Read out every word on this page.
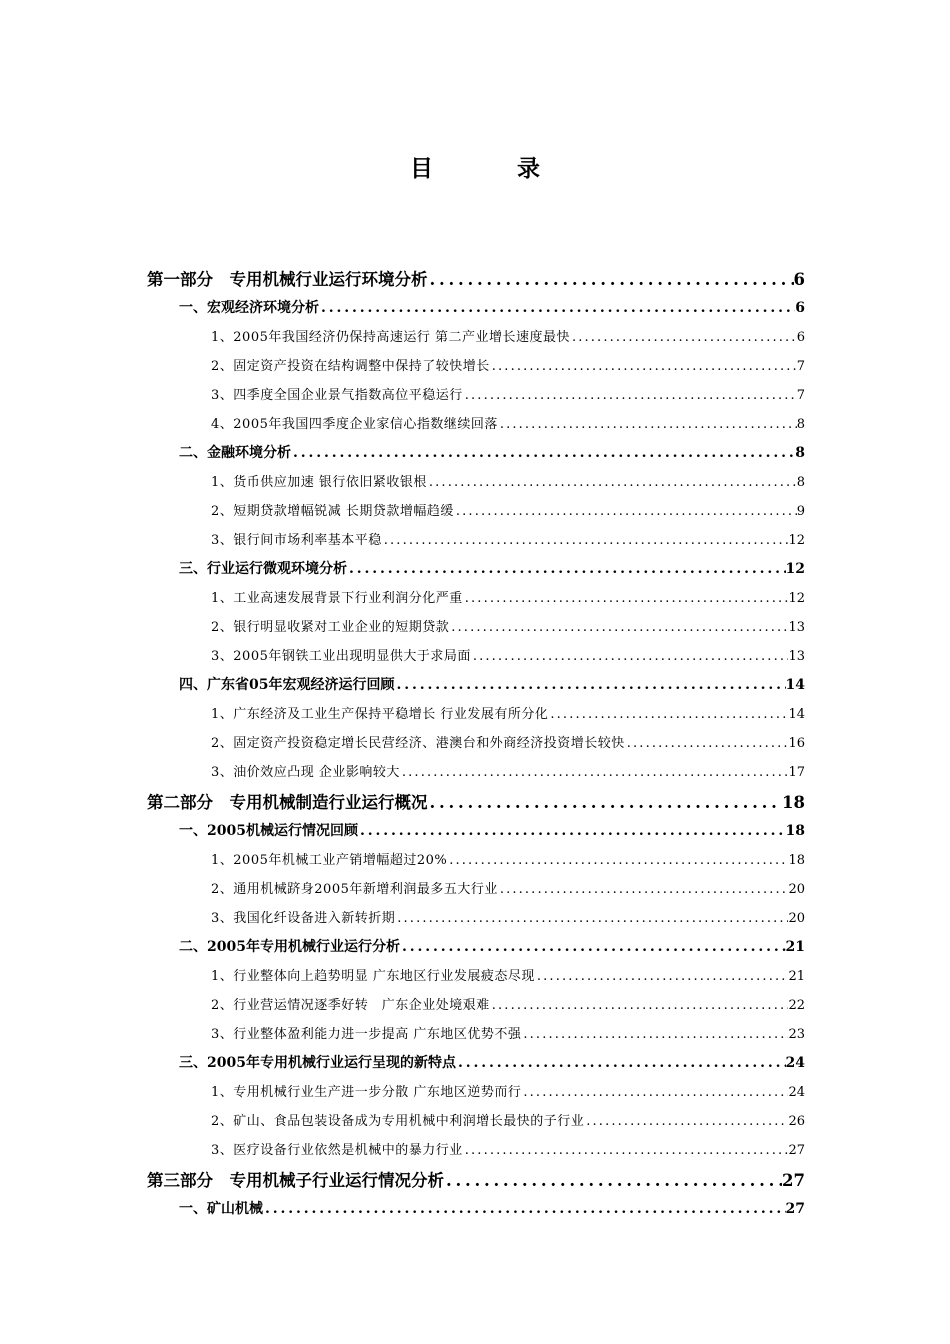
目 录
第一部分　专用机械行业运行环境分析 . . .	6
一、宏观经济环境分析 . . .	6
1、2005年我国经济仍保持高速运行 第二产业增长速度最快 . . .	6
2、固定资产投资在结构调整中保持了较快增长 . . .	7
3、四季度全国企业景气指数高位平稳运行 . . .	7
4、2005年我国四季度企业家信心指数继续回落 . . .	8
二、金融环境分析 . . .	8
1、货币供应加速 银行依旧紧收银根 . . .	8
2、短期贷款增幅锐减 长期贷款增幅趋缓 . . .	9
3、银行间市场利率基本平稳 . . .	12
三、行业运行微观环境分析 . . .	12
1、工业高速发展背景下行业利润分化严重 . . .	12
2、银行明显收紧对工业企业的短期贷款 . . .	13
3、2005年钢铁工业出现明显供大于求局面 . . .	13
四、广东省05年宏观经济运行回顾 . . .	14
1、广东经济及工业生产保持平稳增长 行业发展有所分化 . . .	14
2、固定资产投资稳定增长民营经济、港澳台和外商经济投资增长较快 . . .	16
3、油价效应凸现 企业影响较大 . . .	17
第二部分　专用机械制造行业运行概况 . . .	18
一、2005机械运行情况回顾 . . .	18
1、2005年机械工业产销增幅超过20% . . .	18
2、通用机械跻身2005年新增利润最多五大行业 . . .	20
3、我国化纤设备进入新转折期 . . .	20
二、2005年专用机械行业运行分析 . . .	21
1、行业整体向上趋势明显 广东地区行业发展疲态尽现 . . .	21
2、行业营运情况逐季好转　广东企业处境艰难 . . .	22
3、行业整体盈利能力进一步提高 广东地区优势不强 . . .	23
三、2005年专用机械行业运行呈现的新特点 . . .	24
1、专用机械行业生产进一步分散 广东地区逆势而行 . . .	24
2、矿山、食品包装设备成为专用机械中利润增长最快的子行业 . . .	26
3、医疗设备行业依然是机械中的暴力行业 . . .	27
第三部分　专用机械子行业运行情况分析 . . .	27
一、矿山机械 . . .	27
